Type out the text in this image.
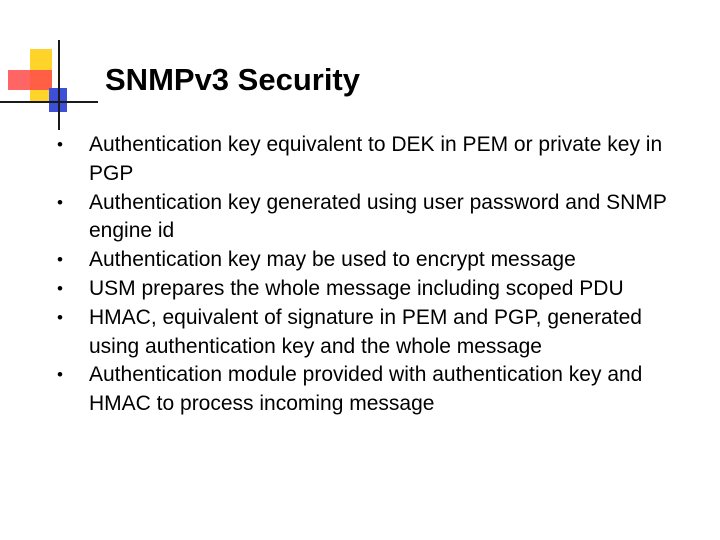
SNMPv3 Security
• Authentication key equivalent to DEK in PEM or private key in PGP
• Authentication key generated using user password and SNMP engine id
• Authentication key may be used to encrypt message
• USM prepares the whole message including scoped PDU
• HMAC, equivalent of signature in PEM and PGP, generated using authentication key and the whole message
• Authentication module provided with authentication key and HMAC to process incoming message
